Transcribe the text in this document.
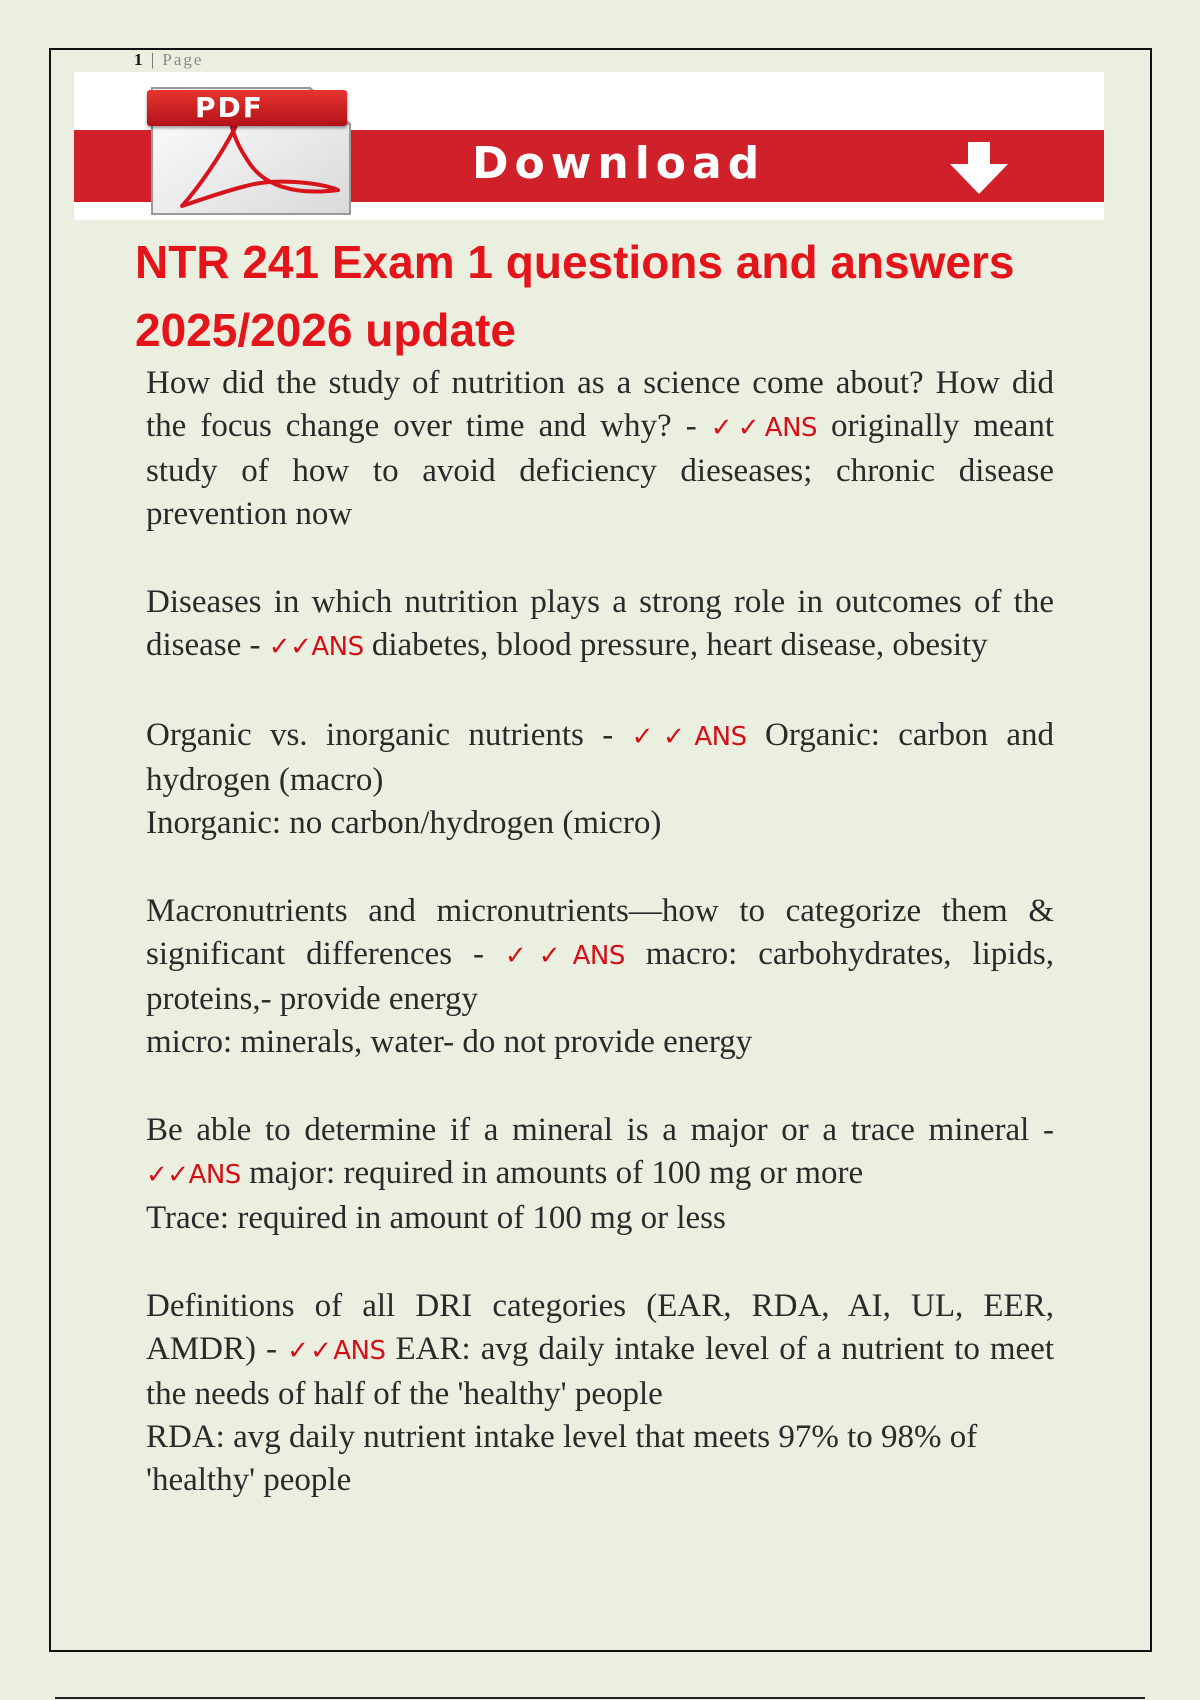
1 | Page
PDF
Download
NTR 241 Exam 1 questions and answers 2025/2026 update

How did the study of nutrition as a science come about? How did the focus change over time and why? - ✓✓ANS originally meant study of how to avoid deficiency dieseases; chronic disease prevention now

Diseases in which nutrition plays a strong role in outcomes of the disease - ✓✓ANS diabetes, blood pressure, heart disease, obesity

Organic vs. inorganic nutrients - ✓✓ANS Organic: carbon and hydrogen (macro)

Inorganic: no carbon/hydrogen (micro)

Macronutrients and micronutrients—how to categorize them & significant differences - ✓✓ANS macro: carbohydrates, lipids, proteins,- provide energy

micro: minerals, water- do not provide energy

Be able to determine if a mineral is a major or a trace mineral - ✓✓ANS major: required in amounts of 100 mg or more

Trace: required in amount of 100 mg or less

Definitions of all DRI categories (EAR, RDA, AI, UL, EER, AMDR) - ✓✓ANS EAR: avg daily intake level of a nutrient to meet the needs of half of the 'healthy' people

RDA: avg daily nutrient intake level that meets 97% to 98% of 'healthy' people
